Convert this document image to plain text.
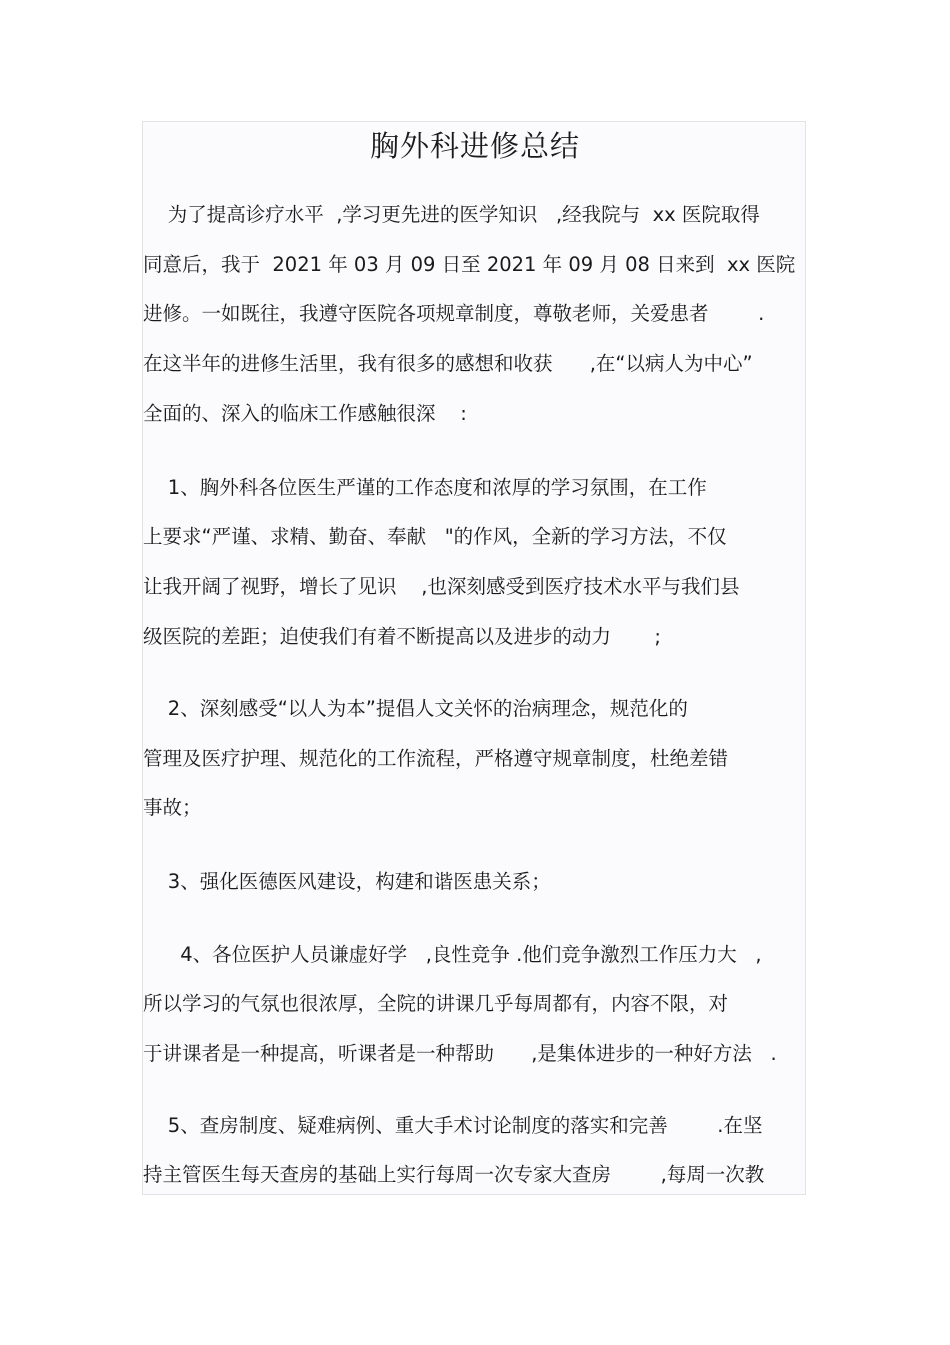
胸外科进修总结
为了提高诊疗水平  ,学习更先进的医学知识   ,经我院与  xx 医院取得
同意后，我于  2021 年 03 月 09 日至 2021 年 09 月 08 日来到  xx 医院
进修。一如既往，我遵守医院各项规章制度，尊敬老师，关爱患者        .
在这半年的进修生活里，我有很多的感想和收获      ,在“以病人为中心”
全面的、深入的临床工作感触很深    :
1、胸外科各位医生严谨的工作态度和浓厚的学习氛围，在工作
上要求“严谨、求精、勤奋、奉献   "的作风，全新的学习方法，不仅
让我开阔了视野，增长了见识    ,也深刻感受到医疗技术水平与我们县
级医院的差距；迫使我们有着不断提高以及进步的动力       ;
2、深刻感受“以人为本”提倡人文关怀的治病理念，规范化的
管理及医疗护理、规范化的工作流程，严格遵守规章制度，杜绝差错
事故；
3、强化医德医风建设，构建和谐医患关系；
4、各位医护人员谦虚好学   ,良性竞争 .他们竞争激烈工作压力大   ,
所以学习的气氛也很浓厚，全院的讲课几乎每周都有，内容不限，对
于讲课者是一种提高，听课者是一种帮助      ,是集体进步的一种好方法   .
5、查房制度、疑难病例、重大手术讨论制度的落实和完善        .在坚
持主管医生每天查房的基础上实行每周一次专家大查房        ,每周一次教
